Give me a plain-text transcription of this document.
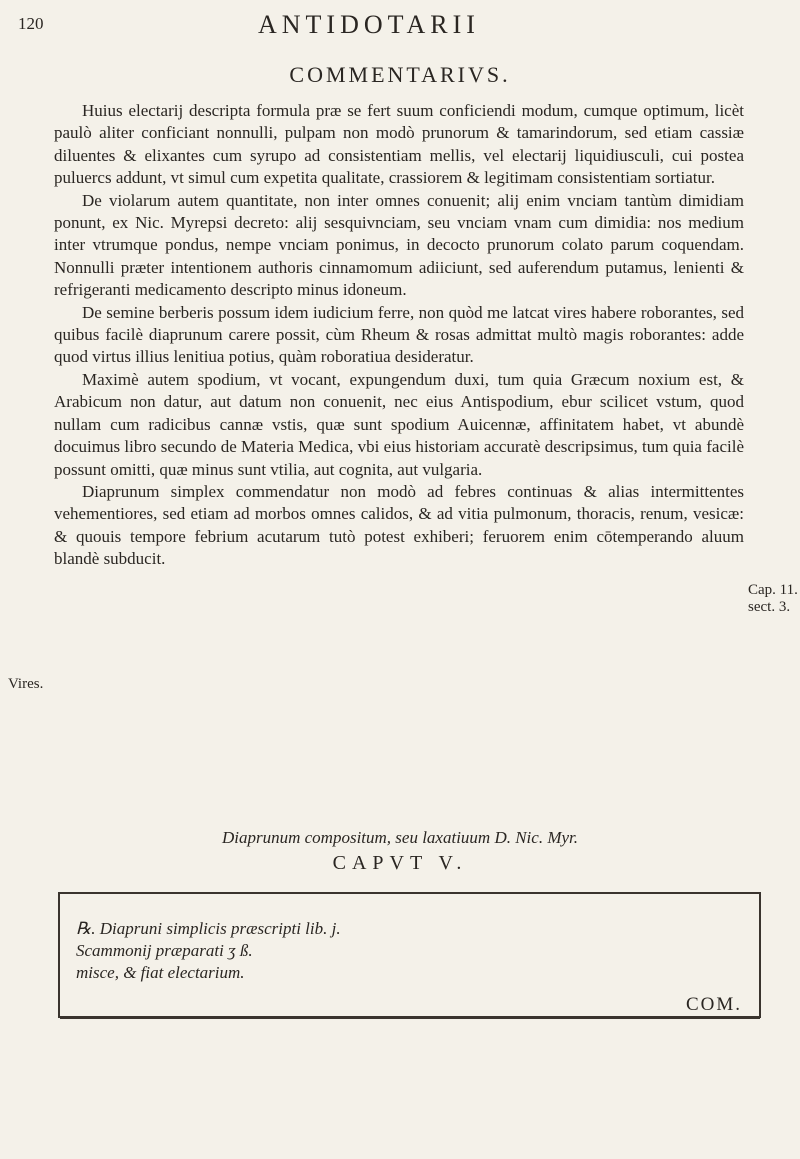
120	ANTIDOTARII
COMMENTARIVS.

Huius electarij descripta formula præ se fert suum conficiendi modum, cumque optimum, licèt paulò aliter conficiant nonnulli, pulpam non modò prunorum & tamarindorum, sed etiam cassiæ diluentes & elixantes cum syrupo ad consistentiam mellis, vel electarij liquidiusculi, cui postea puluercs addunt, vt simul cum expetita qualitate, crassiorem & legitimam consistentiam sortiatur.

De violarum autem quantitate, non inter omnes conuenit; alij enim vnciam tantùm dimidiam ponunt, ex Nic. Myrepsi decreto: alij sesquivnciam, seu vnciam vnam cum dimidia: nos medium inter vtrumque pondus, nempe vnciam ponimus, in decocto prunorum colato parum coquendam. Nonnulli præter intentionem authoris cinnamomum adiiciunt, sed auferendum putamus, lenienti & refrigeranti medicamento descripto minus idoneum.

De semine berberis possum idem iudicium ferre, non quòd me latcat vires habere roborantes, sed quibus facilè diaprunum carere possit, cùm Rheum & rosas admittat multò magis roborantes: adde quod virtus illius lenitiua potius, quàm roboratiua desideratur.

Maximè autem spodium, vt vocant, expungendum duxi, tum quia Græcum noxium est, & Arabicum non datur, aut datum non conuenit, nec eius Antispodium, ebur scilicet vstum, quod nullam cum radicibus cannæ vstis, quæ sunt spodium Auicennæ, affinitatem habet, vt abundè docuimus libro secundo de Materia Medica, vbi eius historiam accuratè descripsimus, tum quia facilè possunt omitti, quæ minus sunt vtilia, aut cognita, aut vulgaria.

Diaprunum simplex commendatur non modò ad febres continuas & alias intermittentes vehementiores, sed etiam ad morbos omnes calidos, & ad vitia pulmonum, thoracis, renum, vesicæ: & quouis tempore febrium acutarum tutò potest exhiberi; feruorem enim cōtemperando aluum blandè subducit.

Vires.
Cap. 11. sect. 3.
Diaprunum compositum, seu laxatiuum D. Nic. Myr.
CAPVT V.
℞. Diapruni simplicis præscripti lib. j.
Scammonij præparati ʒ ß.
misce, & fiat electarium.
COM.
